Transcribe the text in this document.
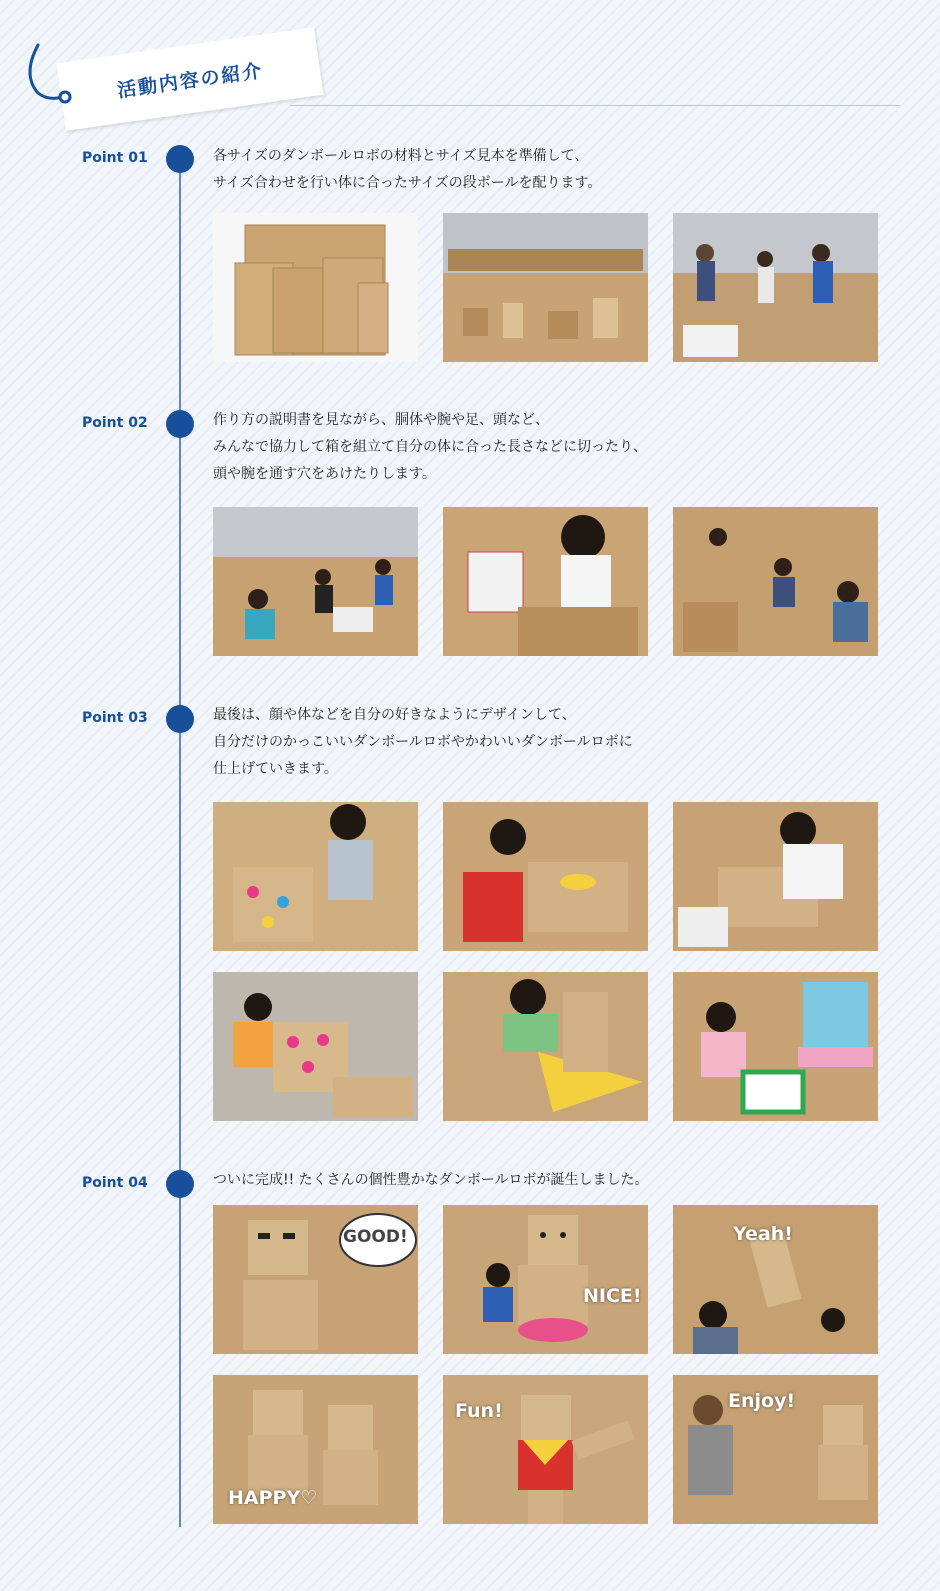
活動内容の紹介
Point 01	各サイズのダンボールロボの材料とサイズ見本を準備して、

サイズ合わせを行い体に合ったサイズの段ボールを配ります。

Point 02	作り方の説明書を見ながら、胴体や腕や足、頭など、

みんなで協力して箱を組立て自分の体に合った長さなどに切ったり、

頭や腕を通す穴をあけたりします。

Point 03	最後は、顔や体などを自分の好きなようにデザインして、

自分だけのかっこいいダンボールロボやかわいいダンボールロボに

仕上げていきます。

Point 04	ついに完成!! たくさんの個性豊かなダンボールロボが誕生しました。

GOOD!
NICE!
Yeah!
HAPPY♡
Fun!	Enjoy!
